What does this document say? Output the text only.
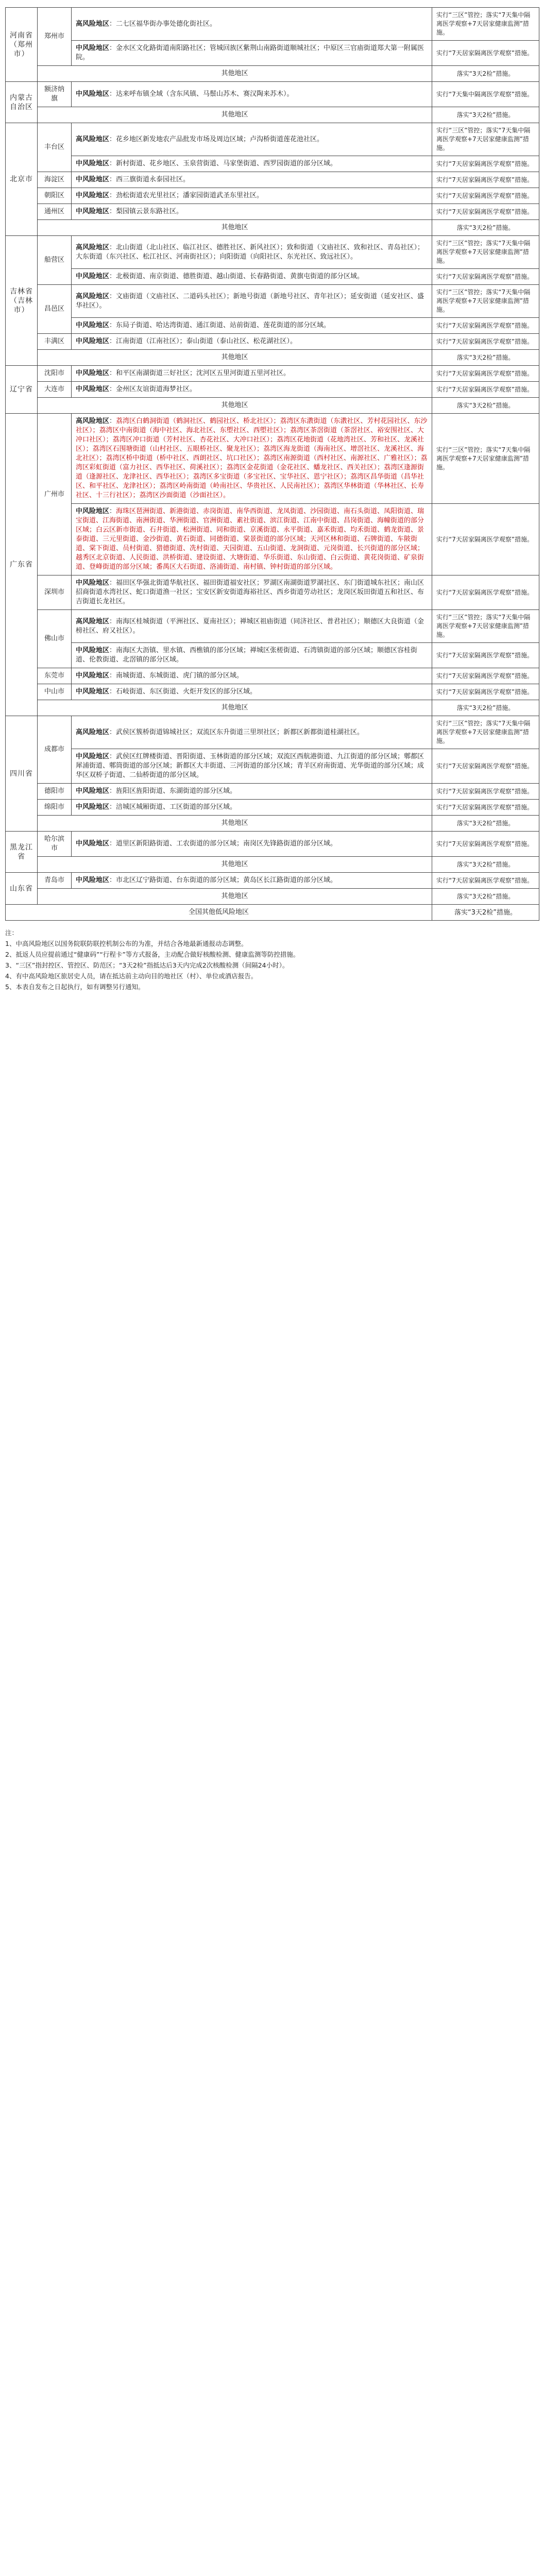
河南省（郑州市）	郑州市	高风险地区：二七区福华街办事处德化街社区。	实行“三区”管控；落实“7天集中隔离医学观察+7天居家健康监测”措施。
		中风险地区：金水区文化路街道南阳路社区；管城回族区紫荆山南路街道顺城社区；中原区三官庙街道郑大第一附属医院。	实行“7天居家隔离医学观察”措施。
	其他地区		落实“3天2检”措施。
内蒙古自治区	额济纳旗	中风险地区：达来呼布镇全域（含东风镇、马鬃山苏木、赛汉陶来苏木）。	实行“7天集中隔离医学观察”措施。
	其他地区		落实“3天2检”措施。
北京市	丰台区	高风险地区：花乡地区新发地农产品批发市场及周边区域；卢沟桥街道莲花池社区。	实行“三区”管控；落实“7天集中隔离医学观察+7天居家健康监测”措施。
		中风险地区：新村街道、花乡地区、玉泉营街道、马家堡街道、西罗园街道的部分区域。	实行“7天居家隔离医学观察”措施。
	海淀区	中风险地区：西三旗街道永泰园社区。	实行“7天居家隔离医学观察”措施。
	朝阳区	中风险地区：劲松街道农光里社区；潘家园街道武圣东里社区。	实行“7天居家隔离医学观察”措施。
	通州区	中风险地区：梨园镇云景东路社区。	实行“7天居家隔离医学观察”措施。
	其他地区		落实“3天2检”措施。
吉林省（吉林市）	船营区	高风险地区：北山街道（北山社区、临江社区、德胜社区、新风社区）；致和街道（文庙社区、致和社区、青岛社区）；大东街道（东兴社区、松江社区、河南街社区）；向阳街道（向阳社区、东光社区、致远社区）。	实行“三区”管控；落实“7天集中隔离医学观察+7天居家健康监测”措施。
		中风险地区：北极街道、南京街道、德胜街道、越山街道、长春路街道、黄旗屯街道的部分区域。	实行“7天居家隔离医学观察”措施。
	昌邑区	高风险地区：文庙街道（文庙社区、二道码头社区）；新地号街道（新地号社区、青年社区）；延安街道（延安社区、盛华社区）。	实行“三区”管控；落实“7天集中隔离医学观察+7天居家健康监测”措施。
		中风险地区：东局子街道、哈达湾街道、通江街道、站前街道、莲花街道的部分区域。	实行“7天居家隔离医学观察”措施。
	丰满区	中风险地区：江南街道（江南社区）；泰山街道（泰山社区、松花湖社区）。	实行“7天居家隔离医学观察”措施。
	其他地区		落实“3天2检”措施。
辽宁省	沈阳市	中风险地区：和平区南湖街道三好社区；沈河区五里河街道五里河社区。	实行“7天居家隔离医学观察”措施。
	大连市	中风险地区：金州区友谊街道海梦社区。	实行“7天居家隔离医学观察”措施。
	其他地区		落实“3天2检”措施。
广东省	广州市	高风险地区：荔湾区白鹤洞街道（鹤洞社区、鹤园社区、桥北社区）；荔湾区东漖街道（东漖社区、芳村花园社区、东沙社区）；荔湾区中南街道（海中社区、海北社区、东塱社区、西塱社区）；荔湾区茶滘街道（茶滘社区、裕安围社区、大冲口社区）；荔湾区冲口街道（芳村社区、杏花社区、大冲口社区）；荔湾区花地街道（花地湾社区、芳和社区、龙溪社区）；荔湾区石围塘街道（山村社区、五眼桥社区、聚龙社区）；荔湾区海龙街道（海南社区、增滘社区、龙溪社区、海北社区）；荔湾区桥中街道（桥中社区、西朗社区、坑口社区）；荔湾区南源街道（西村社区、南源社区、广雅社区）；荔湾区彩虹街道（富力社区、西华社区、荷溪社区）；荔湾区金花街道（金花社区、蟠龙社区、西关社区）；荔湾区逢源街道（逢源社区、龙津社区、西华社区）；荔湾区多宝街道（多宝社区、宝华社区、恩宁社区）；荔湾区昌华街道（昌华社区、和平社区、龙津社区）；荔湾区岭南街道（岭南社区、华贵社区、人民南社区）；荔湾区华林街道（华林社区、长寿社区、十三行社区）；荔湾区沙面街道（沙面社区）。	实行“三区”管控；落实“7天集中隔离医学观察+7天居家健康监测”措施。
		中风险地区：海珠区琶洲街道、新港街道、赤岗街道、南华西街道、龙凤街道、沙园街道、南石头街道、凤阳街道、瑞宝街道、江海街道、南洲街道、华洲街道、官洲街道、素社街道、滨江街道、江南中街道、昌岗街道、海幢街道的部分区域；白云区新市街道、石井街道、松洲街道、同和街道、京溪街道、永平街道、嘉禾街道、均禾街道、鹤龙街道、景泰街道、三元里街道、金沙街道、黄石街道、同德街道、棠景街道的部分区域；天河区林和街道、石牌街道、车陂街道、棠下街道、员村街道、猎德街道、冼村街道、天园街道、五山街道、龙洞街道、元岗街道、长兴街道的部分区域；越秀区北京街道、人民街道、洪桥街道、建设街道、大塘街道、华乐街道、东山街道、白云街道、黄花岗街道、矿泉街道、登峰街道的部分区域；番禺区大石街道、洛浦街道、南村镇、钟村街道的部分区域。	实行“7天居家隔离医学观察”措施。
	深圳市	中风险地区：福田区华强北街道华航社区、福田街道福安社区；罗湖区南湖街道罗湖社区、东门街道城东社区；南山区招商街道水湾社区、蛇口街道渔一社区；宝安区新安街道海裕社区、西乡街道劳动社区；龙岗区坂田街道五和社区、布吉街道长龙社区。	实行“7天居家隔离医学观察”措施。
	佛山市	高风险地区：南海区桂城街道（平洲社区、夏南社区）；禅城区祖庙街道（同济社区、普君社区）；顺德区大良街道（金榜社区、府又社区）。	实行“三区”管控；落实“7天集中隔离医学观察+7天居家健康监测”措施。
		中风险地区：南海区大沥镇、里水镇、西樵镇的部分区域；禅城区张槎街道、石湾镇街道的部分区域；顺德区容桂街道、伦教街道、北滘镇的部分区域。	实行“7天居家隔离医学观察”措施。
	东莞市	中风险地区：南城街道、东城街道、虎门镇的部分区域。	实行“7天居家隔离医学观察”措施。
	中山市	中风险地区：石岐街道、东区街道、火炬开发区的部分区域。	实行“7天居家隔离医学观察”措施。
	其他地区		落实“3天2检”措施。
四川省	成都市	高风险地区：武侯区簇桥街道锦城社区；双流区东升街道三里坝社区；新都区新都街道桂湖社区。	实行“三区”管控；落实“7天集中隔离医学观察+7天居家健康监测”措施。
		中风险地区：武侯区红牌楼街道、晋阳街道、玉林街道的部分区域；双流区西航港街道、九江街道的部分区域；郫都区犀浦街道、郫筒街道的部分区域；新都区大丰街道、三河街道的部分区域；青羊区府南街道、光华街道的部分区域；成华区双桥子街道、二仙桥街道的部分区域。	实行“7天居家隔离医学观察”措施。
	德阳市	中风险地区：旌阳区旌阳街道、东湖街道的部分区域。	实行“7天居家隔离医学观察”措施。
	绵阳市	中风险地区：涪城区城厢街道、工区街道的部分区域。	实行“7天居家隔离医学观察”措施。
	其他地区		落实“3天2检”措施。
黑龙江省	哈尔滨市	中风险地区：道里区新阳路街道、工农街道的部分区域；南岗区先锋路街道的部分区域。	实行“7天居家隔离医学观察”措施。
	其他地区		落实“3天2检”措施。
山东省	青岛市	中风险地区：市北区辽宁路街道、台东街道的部分区域；黄岛区长江路街道的部分区域。	实行“7天居家隔离医学观察”措施。
	其他地区		落实“3天2检”措施。
全国其他低风险地区			落实“3天2检”措施。

注：

1、中高风险地区以国务院联防联控机制公布的为准，并结合各地最新通报动态调整。

2、抵返人员应提前通过“健康码”“行程卡”等方式报备，主动配合做好核酸检测、健康监测等防控措施。

3、“三区”指封控区、管控区、防范区；“3天2检”指抵达后3天内完成2次核酸检测（间隔24小时）。

4、有中高风险地区旅居史人员，请在抵达前主动向目的地社区（村）、单位或酒店报告。

5、本表自发布之日起执行，如有调整另行通知。
